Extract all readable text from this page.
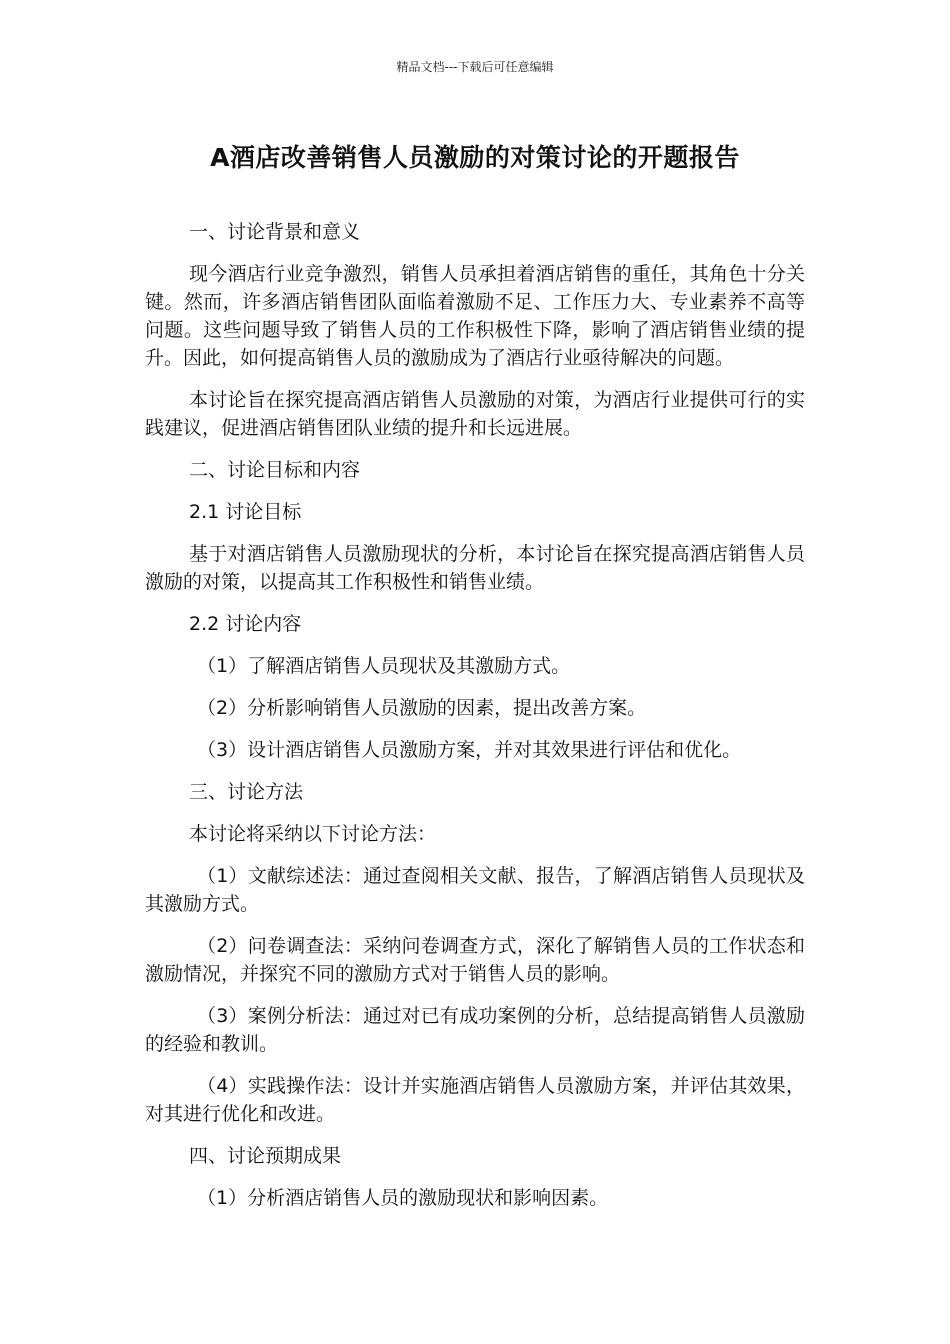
精品文档---下载后可任意编辑
A酒店改善销售人员激励的对策讨论的开题报告

一、讨论背景和意义

现今酒店行业竞争激烈，销售人员承担着酒店销售的重任，其角色十分关键。然而，许多酒店销售团队面临着激励不足、工作压力大、专业素养不高等问题。这些问题导致了销售人员的工作积极性下降，影响了酒店销售业绩的提升。因此，如何提高销售人员的激励成为了酒店行业亟待解决的问题。

本讨论旨在探究提高酒店销售人员激励的对策，为酒店行业提供可行的实践建议，促进酒店销售团队业绩的提升和长远进展。

二、讨论目标和内容

2.1 讨论目标

基于对酒店销售人员激励现状的分析，本讨论旨在探究提高酒店销售人员激励的对策，以提高其工作积极性和销售业绩。

2.2 讨论内容

（1）了解酒店销售人员现状及其激励方式。

（2）分析影响销售人员激励的因素，提出改善方案。

（3）设计酒店销售人员激励方案，并对其效果进行评估和优化。

三、讨论方法

本讨论将采纳以下讨论方法：

（1）文献综述法：通过查阅相关文献、报告，了解酒店销售人员现状及其激励方式。

（2）问卷调查法：采纳问卷调查方式，深化了解销售人员的工作状态和激励情况，并探究不同的激励方式对于销售人员的影响。

（3）案例分析法：通过对已有成功案例的分析，总结提高销售人员激励的经验和教训。

（4）实践操作法：设计并实施酒店销售人员激励方案，并评估其效果，对其进行优化和改进。

四、讨论预期成果

（1）分析酒店销售人员的激励现状和影响因素。
